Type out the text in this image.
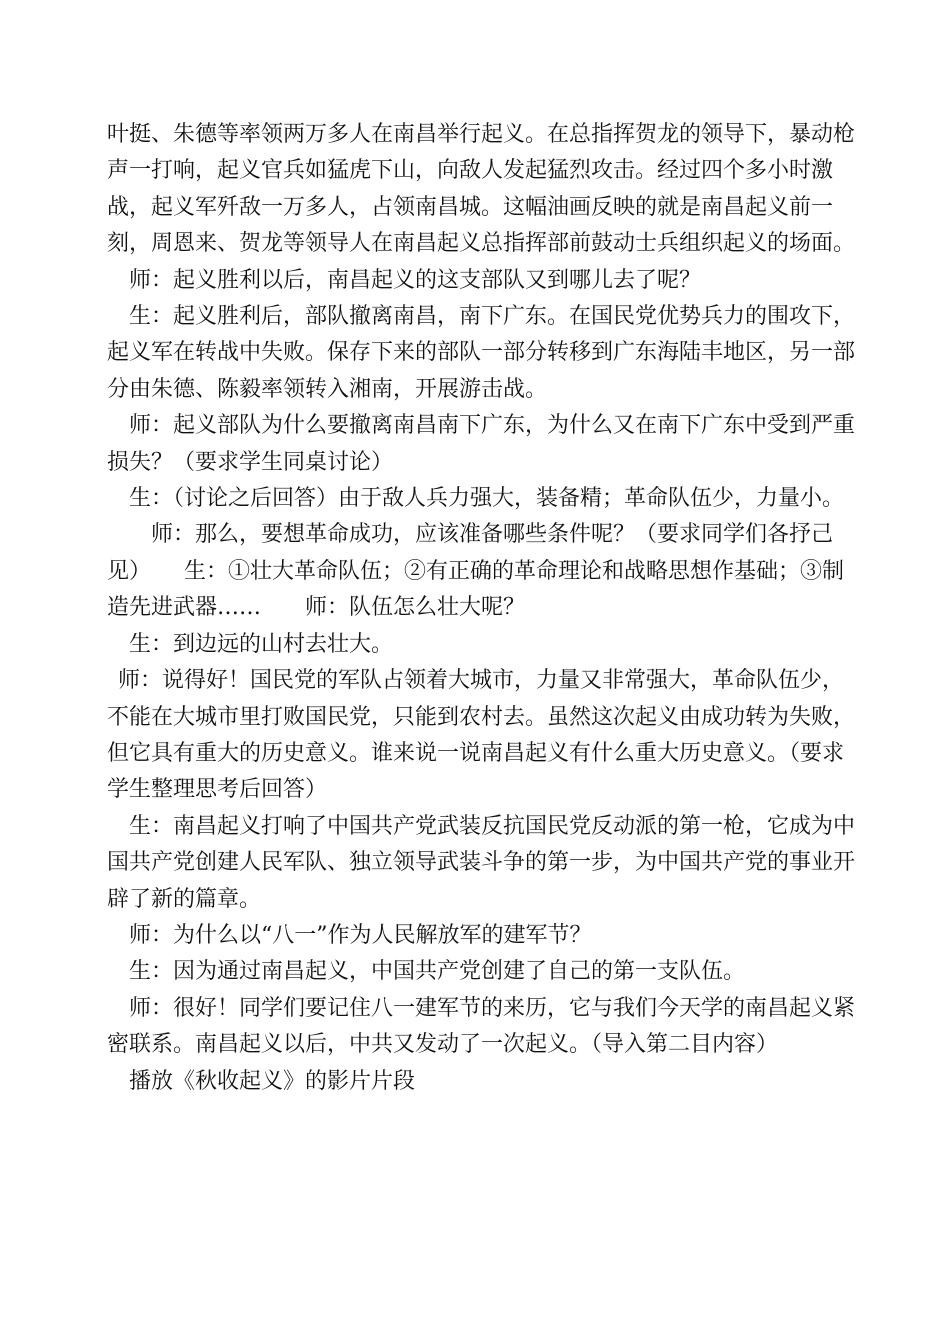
叶挺、朱德等率领两万多人在南昌举行起义。在总指挥贺龙的领导下，暴动枪声一打响，起义官兵如猛虎下山，向敌人发起猛烈攻击。经过四个多小时激战，起义军歼敌一万多人，占领南昌城。这幅油画反映的就是南昌起义前一刻，周恩来、贺龙等领导人在南昌起义总指挥部前鼓动士兵组织起义的场面。

师：起义胜利以后，南昌起义的这支部队又到哪儿去了呢？

生：起义胜利后，部队撤离南昌，南下广东。在国民党优势兵力的围攻下，起义军在转战中失败。保存下来的部队一部分转移到广东海陆丰地区，另一部分由朱德、陈毅率领转入湘南，开展游击战。

师：起义部队为什么要撤离南昌南下广东，为什么又在南下广东中受到严重损失？（要求学生同桌讨论）

生：（讨论之后回答）由于敌人兵力强大，装备精；革命队伍少，力量小。

师：那么，要想革命成功，应该准备哪些条件呢？（要求同学们各抒己见）　　生：①壮大革命队伍；②有正确的革命理论和战略思想作基础；③制造先进武器……　　师：队伍怎么壮大呢？

生：到边远的山村去壮大。

师：说得好！国民党的军队占领着大城市，力量又非常强大，革命队伍少，不能在大城市里打败国民党，只能到农村去。虽然这次起义由成功转为失败，但它具有重大的历史意义。谁来说一说南昌起义有什么重大历史意义。（要求学生整理思考后回答）

生：南昌起义打响了中国共产党武装反抗国民党反动派的第一枪，它成为中国共产党创建人民军队、独立领导武装斗争的第一步，为中国共产党的事业开辟了新的篇章。

师：为什么以“八一”作为人民解放军的建军节？

生：因为通过南昌起义，中国共产党创建了自己的第一支队伍。

师：很好！同学们要记住八一建军节的来历，它与我们今天学的南昌起义紧密联系。南昌起义以后，中共又发动了一次起义。（导入第二目内容）

播放《秋收起义》的影片片段
